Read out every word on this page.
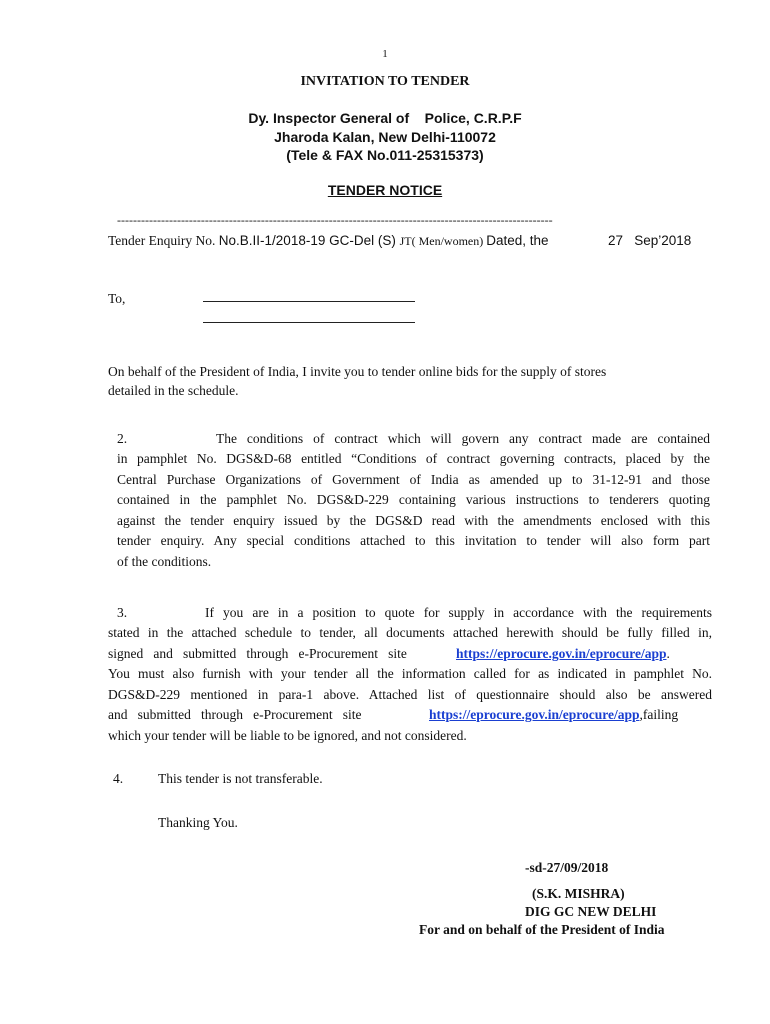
1
INVITATION TO TENDER
Dy. Inspector General of    Police, C.R.P.F
Jharoda Kalan, New Delhi-110072
(Tele & FAX No.011-25315373)
TENDER NOTICE
-------------------------------------------------------------------------------------------------------------
Tender Enquiry No. No.B.II-1/2018-19 GC-Del (S) JT( Men/women) Dated, the	27   Sep’2018
To,
On behalf of the President of India, I invite you to tender online bids for the supply of stores
detailed in the schedule.
2.	The conditions of contract which will govern any contract made are contained
in pamphlet No. DGS&D-68 entitled “Conditions of contract governing contracts, placed by the
Central Purchase Organizations of Government of India as amended up to 31-12-91 and those
contained in the pamphlet No. DGS&D-229 containing various instructions to tenderers quoting
against the tender enquiry issued by the DGS&D read with the amendments enclosed with this
tender enquiry. Any special conditions attached to this invitation to tender will also form part
of the conditions.
3.	If you are in a position to quote for supply in accordance with the requirements
stated in the attached schedule to tender, all documents attached herewith should be fully filled in,
signed   and   submitted   through   e-Procurement   site	https://eprocure.gov.in/eprocure/app.
You must also furnish with your tender all the information called for as indicated in pamphlet No.
DGS&D-229 mentioned in para-1 above. Attached list of questionnaire should also be answered
and   submitted   through   e-Procurement   site	https://eprocure.gov.in/eprocure/app,failing
which your tender will be liable to be ignored, and not considered.
4.	This tender is not transferable.
Thanking You.
-sd-27/09/2018
(S.K. MISHRA)
DIG GC NEW DELHI
For and on behalf of the President of India
